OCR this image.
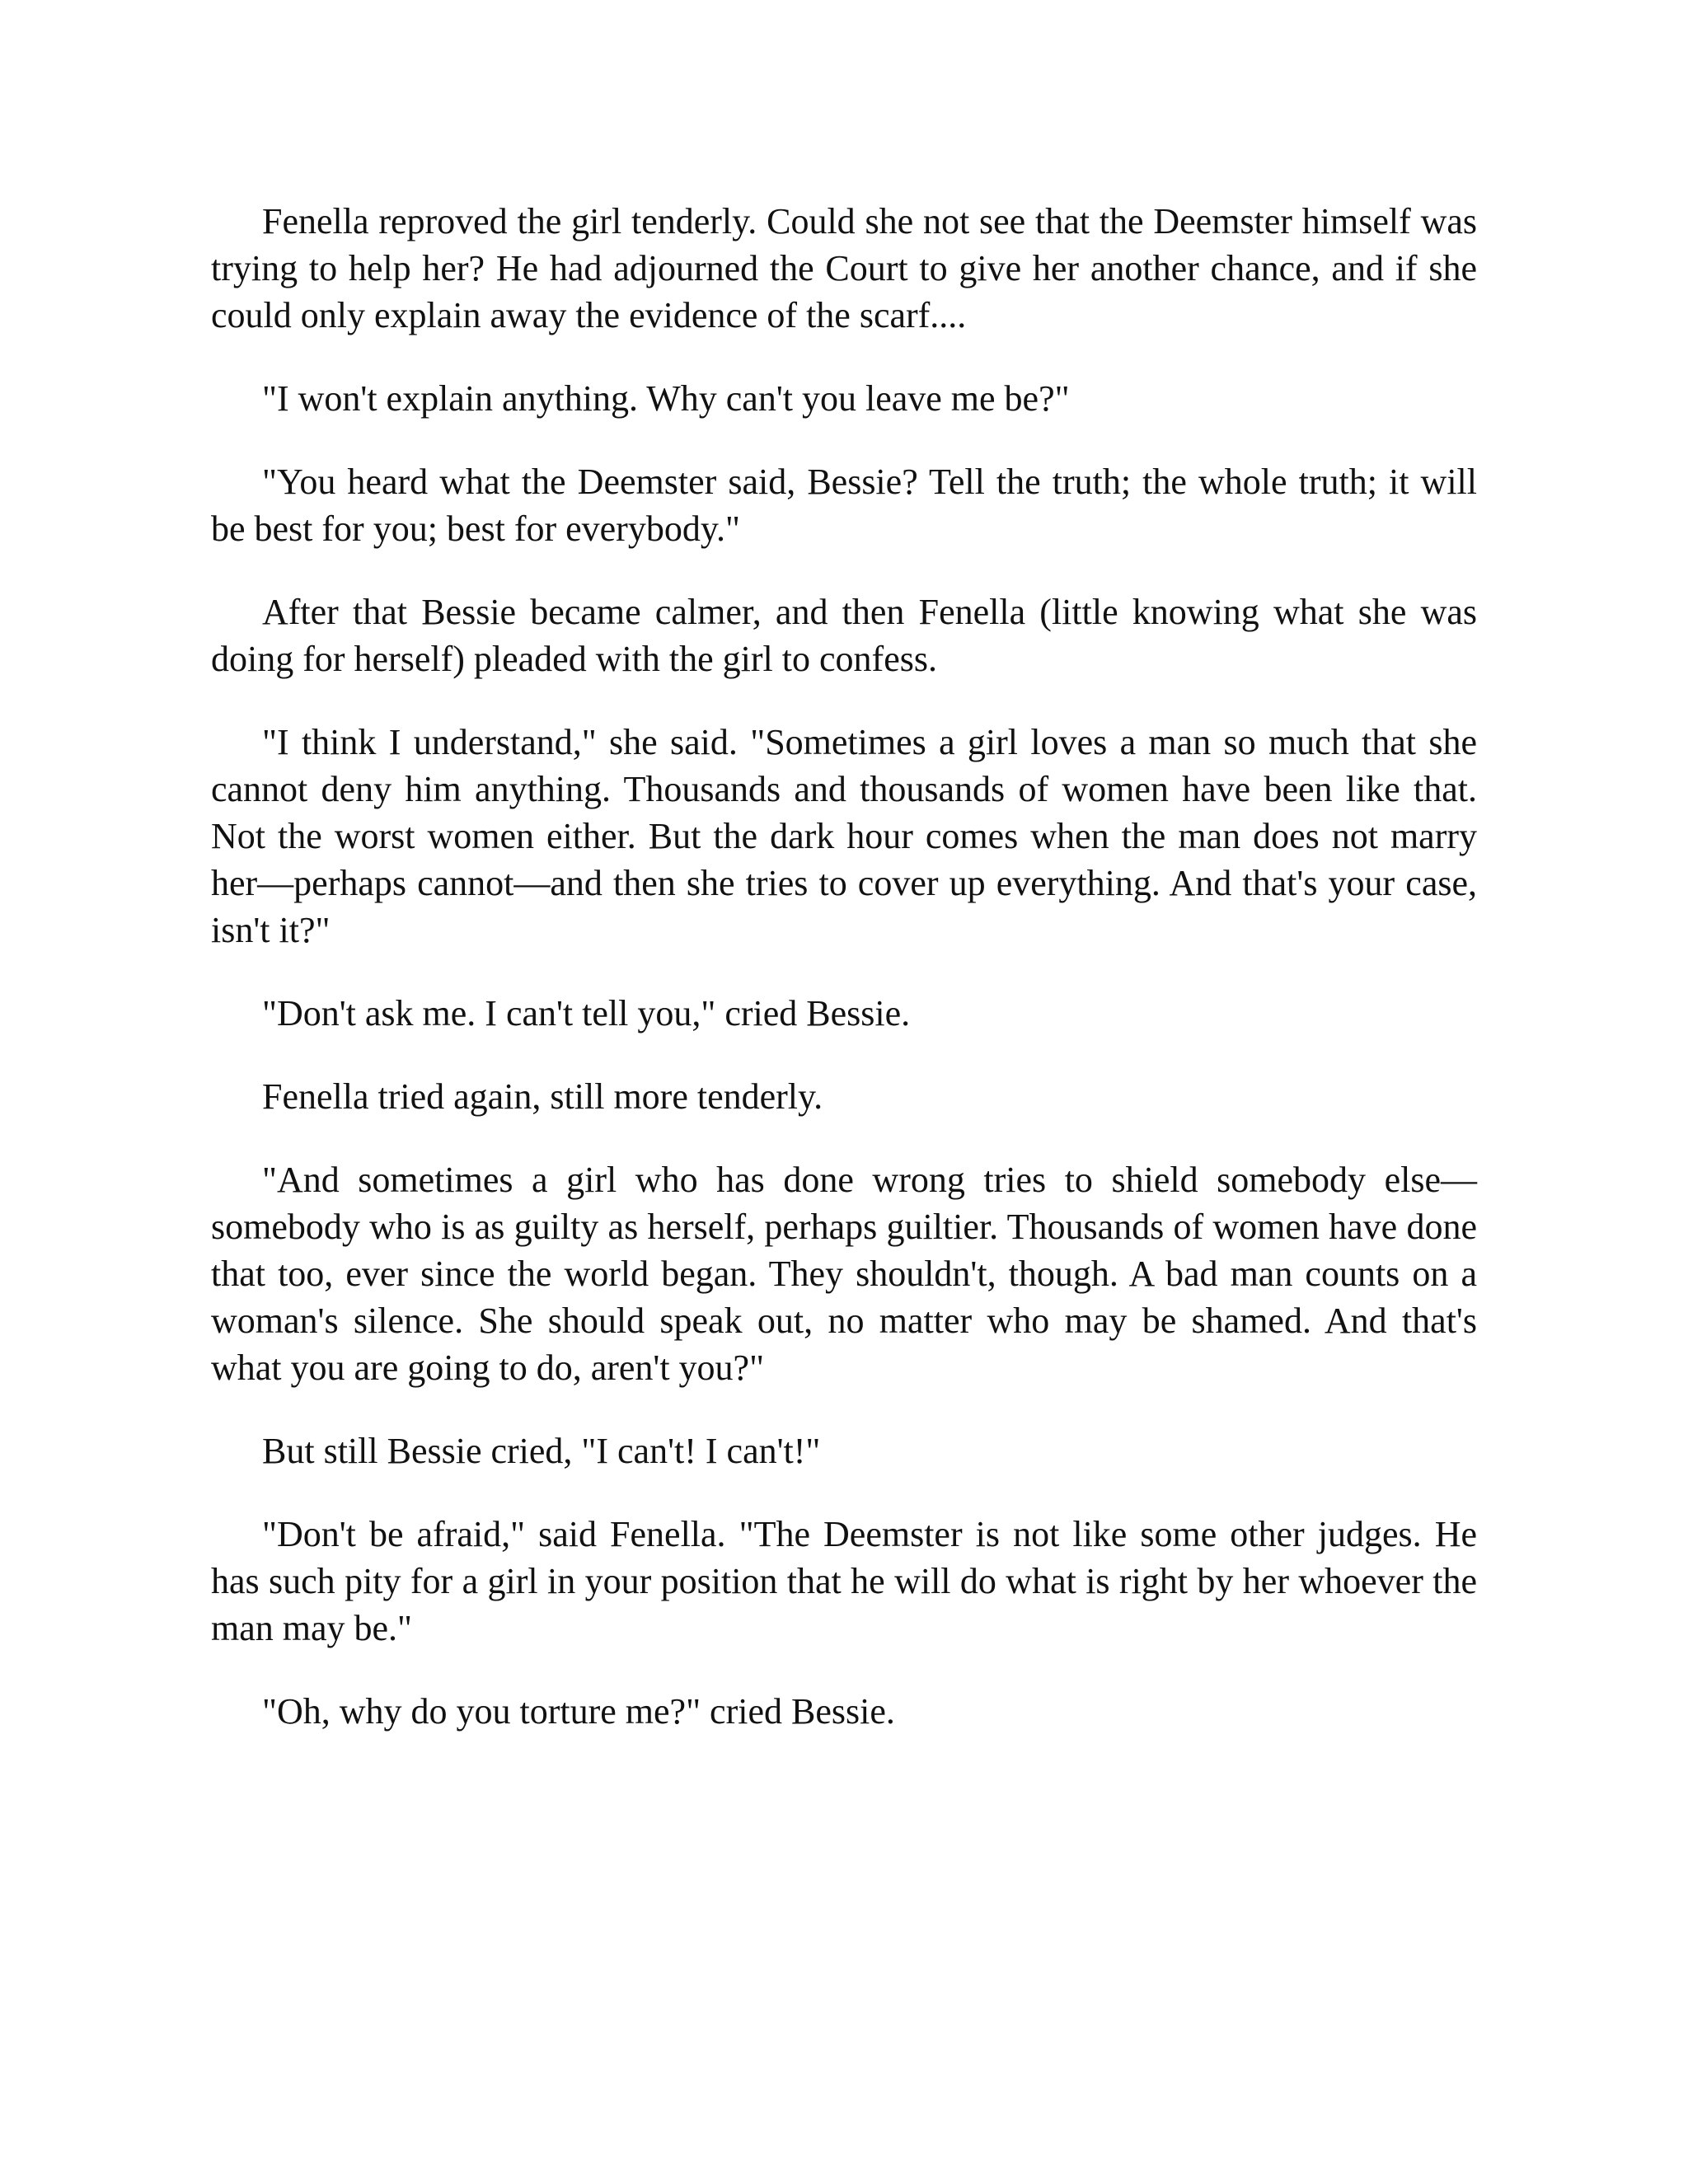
Fenella reproved the girl tenderly. Could she not see that the Deemster himself was trying to help her? He had adjourned the Court to give her another chance, and if she could only explain away the evidence of the scarf....

"I won't explain anything. Why can't you leave me be?"

"You heard what the Deemster said, Bessie? Tell the truth; the whole truth; it will be best for you; best for everybody."

After that Bessie became calmer, and then Fenella (little knowing what she was doing for herself) pleaded with the girl to confess.

"I think I understand," she said. "Sometimes a girl loves a man so much that she cannot deny him anything. Thousands and thousands of women have been like that. Not the worst women either. But the dark hour comes when the man does not marry her—perhaps cannot—and then she tries to cover up everything. And that's your case, isn't it?"

"Don't ask me. I can't tell you," cried Bessie.

Fenella tried again, still more tenderly.

"And sometimes a girl who has done wrong tries to shield somebody else—somebody who is as guilty as herself, perhaps guiltier. Thousands of women have done that too, ever since the world began. They shouldn't, though. A bad man counts on a woman's silence. She should speak out, no matter who may be shamed. And that's what you are going to do, aren't you?"

But still Bessie cried, "I can't! I can't!"

"Don't be afraid," said Fenella. "The Deemster is not like some other judges. He has such pity for a girl in your position that he will do what is right by her whoever the man may be."

"Oh, why do you torture me?" cried Bessie.
